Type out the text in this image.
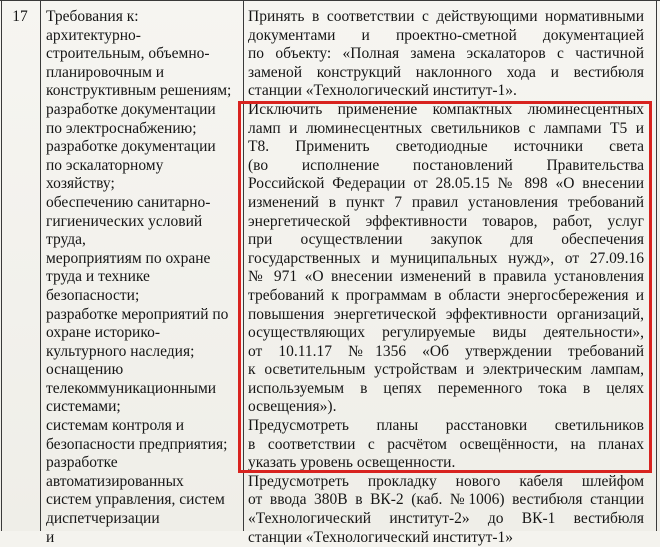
17	Требования к:
архитектурно-
строительным, объемно-
планировочным и
конструктивным решениям;
разработке документации
по электроснабжению;
разработке документации
по эскалаторному
хозяйству;
обеспечению санитарно-
гигиенических условий
труда,
мероприятиям по охране
труда и технике
безопасности;
разработке мероприятий по
охране историко-
культурного наследия;
оснащению
телекоммуникационными
системами;
системам контроля и
безопасности предприятия;
разработке
автоматизированных
систем управления, систем
диспетчеризации
и
Принять в соответствии с действующими нормативными
документами и проектно-сметной документацией
по объекту: «Полная замена эскалаторов с частичной
заменой конструкций наклонного хода и вестибюля
станции «Технологический институт-1».
Исключить применение компактных люминесцентных
ламп и люминесцентных светильников с лампами Т5 и
Т8. Применить светодиодные источники света
(во исполнение постановлений Правительства
Российской Федерации от 28.05.15 № 898 «О внесении
изменений в пункт 7 правил установления требований
энергетической эффективности товаров, работ, услуг
при осуществлении закупок для обеспечения
государственных и муниципальных нужд», от 27.09.16
№ 971 «О внесении изменений в правила установления
требований к программам в области энергосбережения и
повышения энергетической эффективности организаций,
осуществляющих регулируемые виды деятельности»,
от 10.11.17 №1356 «Об утверждении требований
к осветительным устройствам и электрическим лампам,
используемым в цепях переменного тока в целях
освещения»).
Предусмотреть планы расстановки светильников
в соответствии с расчётом освещённости, на планах
указать уровень освещенности.
Предусмотреть прокладку нового кабеля шлейфом
от ввода 380В в ВК-2 (каб. №1006) вестибюля станции
«Технологический институт-2» до ВК-1 вестибюля
станции «Технологический институт-1»
